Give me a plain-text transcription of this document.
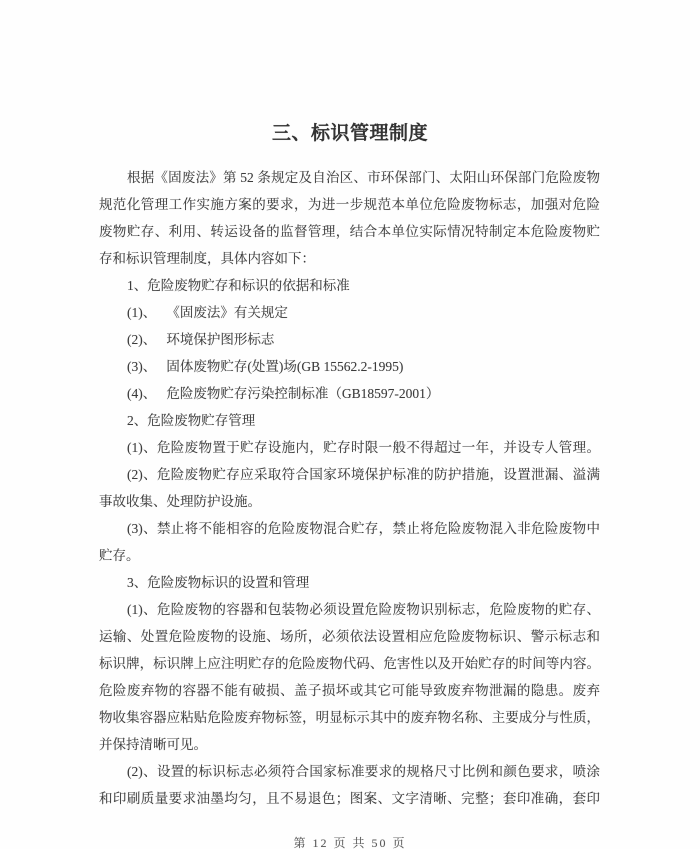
三、标识管理制度
根据《固废法》第 52 条规定及自治区、市环保部门、太阳山环保部门危险废物
规范化管理工作实施方案的要求，为进一步规范本单位危险废物标志，加强对危险
废物贮存、利用、转运设备的监督管理，结合本单位实际情况特制定本危险废物贮
存和标识管理制度，具体内容如下：
1、危险废物贮存和标识的依据和标准
(1)、　 《固废法》有关规定
(2)、　 环境保护图形标志
(3)、　 固体废物贮存(处置)场(GB 15562.2-1995)
(4)、　 危险废物贮存污染控制标准（GB18597-2001）
2、危险废物贮存管理
(1)、危险废物置于贮存设施内，贮存时限一般不得超过一年，并设专人管理。
(2)、危险废物贮存应采取符合国家环境保护标准的防护措施，设置泄漏、溢满
事故收集、处理防护设施。
(3)、禁止将不能相容的危险废物混合贮存，禁止将危险废物混入非危险废物中
贮存。
3、危险废物标识的设置和管理
(1)、危险废物的容器和包装物必须设置危险废物识别标志，危险废物的贮存、
运输、处置危险废物的设施、场所，必须依法设置相应危险废物标识、警示标志和
标识牌，标识牌上应注明贮存的危险废物代码、危害性以及开始贮存的时间等内容。
危险废弃物的容器不能有破损、盖子损坏或其它可能导致废弃物泄漏的隐患。废弃
物收集容器应粘贴危险废弃物标签，明显标示其中的废弃物名称、主要成分与性质，
并保持清晰可见。
(2)、设置的标识标志必须符合国家标准要求的规格尺寸比例和颜色要求，喷涂
和印刷质量要求油墨均匀，且不易退色；图案、文字清晰、完整；套印准确，套印
第 12 页 共 50 页
